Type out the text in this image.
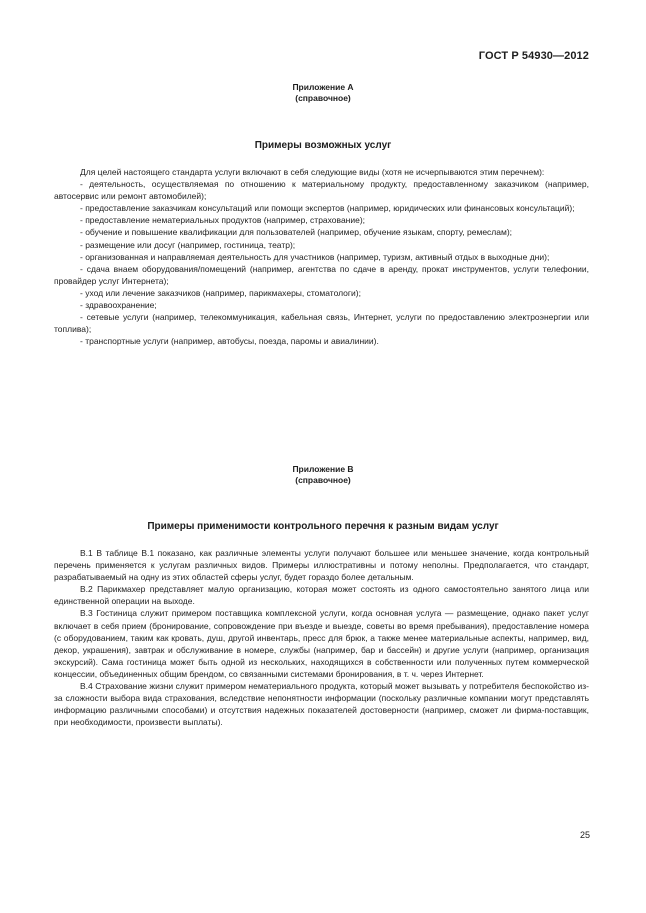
ГОСТ Р 54930—2012
Приложение А
(справочное)
Примеры возможных услуг

Для целей настоящего стандарта услуги включают в себя следующие виды (хотя не исчерпываются этим перечнем):

- деятельность, осуществляемая по отношению к материальному продукту, предоставленному заказчиком (например, автосервис или ремонт автомобилей);

- предоставление заказчикам консультаций или помощи экспертов (например, юридических или финансовых консультаций);

- предоставление нематериальных продуктов (например, страхование);

- обучение и повышение квалификации для пользователей (например, обучение языкам, спорту, ремеслам);

- размещение или досуг (например, гостиница, театр);

- организованная и направляемая деятельность для участников (например, туризм, активный отдых в выходные дни);

- сдача внаем оборудования/помещений (например, агентства по сдаче в аренду, прокат инструментов, услуги телефонии, провайдер услуг Интернета);

- уход или лечение заказчиков (например, парикмахеры, стоматологи);

- здравоохранение;

- сетевые услуги (например, телекоммуникация, кабельная связь, Интернет, услуги по предоставлению электроэнергии или топлива);

- транспортные услуги (например, автобусы, поезда, паромы и авиалинии).

Приложение В
(справочное)
Примеры применимости контрольного перечня к разным видам услуг

В.1 В таблице В.1 показано, как различные элементы услуги получают большее или меньшее значение, когда контрольный перечень применяется к услугам различных видов. Примеры иллюстративны и потому неполны. Предполагается, что стандарт, разрабатываемый на одну из этих областей сферы услуг, будет гораздо более детальным.

В.2 Парикмахер представляет малую организацию, которая может состоять из одного самостоятельно занятого лица или единственной операции на выходе.

В.3 Гостиница служит примером поставщика комплексной услуги, когда основная услуга — размещение, однако пакет услуг включает в себя прием (бронирование, сопровождение при въезде и выезде, советы во время пребывания), предоставление номера (с оборудованием, таким как кровать, душ, другой инвентарь, пресс для брюк, а также менее материальные аспекты, например, вид, декор, украшения), завтрак и обслуживание в номере, службы (например, бар и бассейн) и другие услуги (например, организация экскурсий). Сама гостиница может быть одной из нескольких, находящихся в собственности или полученных путем коммерческой концессии, объединенных общим брендом, со связанными системами бронирования, в т. ч. через Интернет.

В.4 Страхование жизни служит примером нематериального продукта, который может вызывать у потребителя беспокойство из-за сложности выбора вида страхования, вследствие непонятности информации (поскольку различные компании могут представлять информацию различными способами) и отсутствия надежных показателей достоверности (например, сможет ли фирма-поставщик, при необходимости, произвести выплаты).

25
